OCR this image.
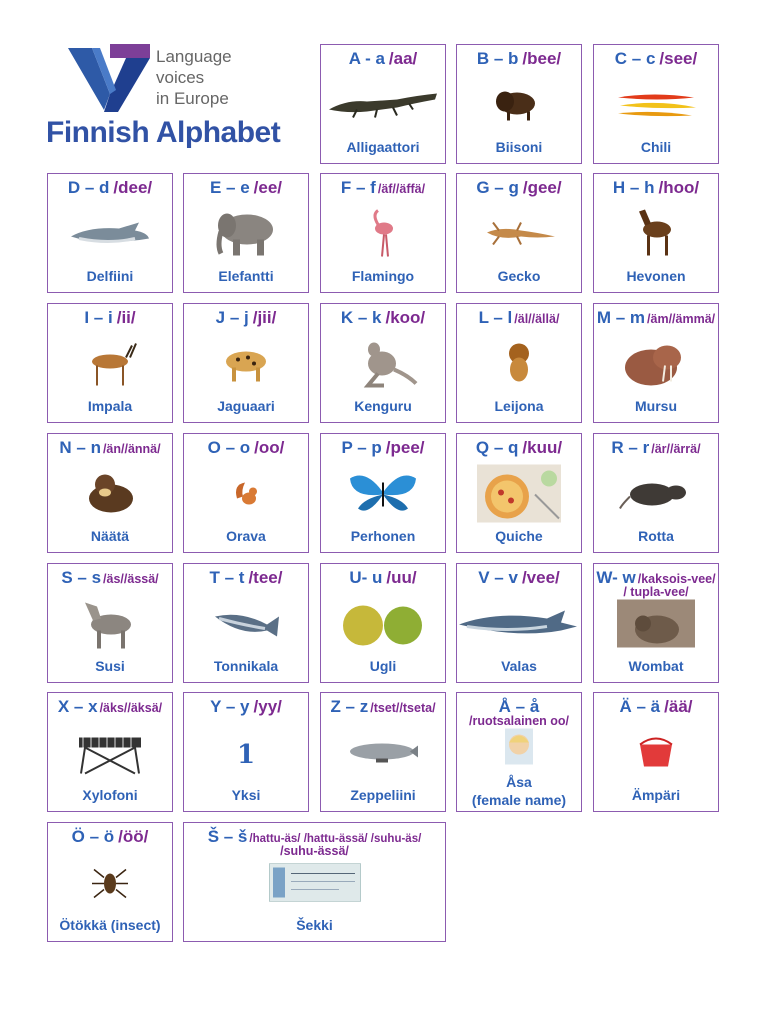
Language
voices
in Europe
Finnish Alphabet
A - a /aa/
Alligaattori
B – b /bee/
Biisoni
C – c /see/
Chili
D – d /dee/
Delfiini
E – e /ee/
Elefantti
F – f /äf//äffä/
Flamingo
G – g /gee/
Gecko
H – h /hoo/
Hevonen
I – i /ii/
Impala
J – j /jii/
Jaguaari
K – k /koo/
Kenguru
L – l /äl//ällä/
Leijona
M – m /äm//ämmä/
Mursu
N – n /än//ännä/
Näätä
O – o /oo/
Orava
P – p /pee/
Perhonen
Q – q /kuu/
Quiche
R – r /är//ärrä/
Rotta
S – s /äs//ässä/
Susi
T – t /tee/
Tonnikala
U- u /uu/
Ugli
V – v /vee/
Valas
W- w /kaksois-vee/
/ tupla-vee/
Wombat
X – x /äks//äksä/
Xylofoni
Y – y /yy/
1
Yksi
Z – z /tset//tseta/
Zeppeliini
Å – å
/ruotsalainen oo/
Åsa
(female name)
Ä – ä /ää/
Ämpäri
Ö – ö /öö/
Ötökkä (insect)
Š – š /hattu-äs/ /hattu-ässä/ /suhu-äs/
/suhu-ässä/
Šekki
